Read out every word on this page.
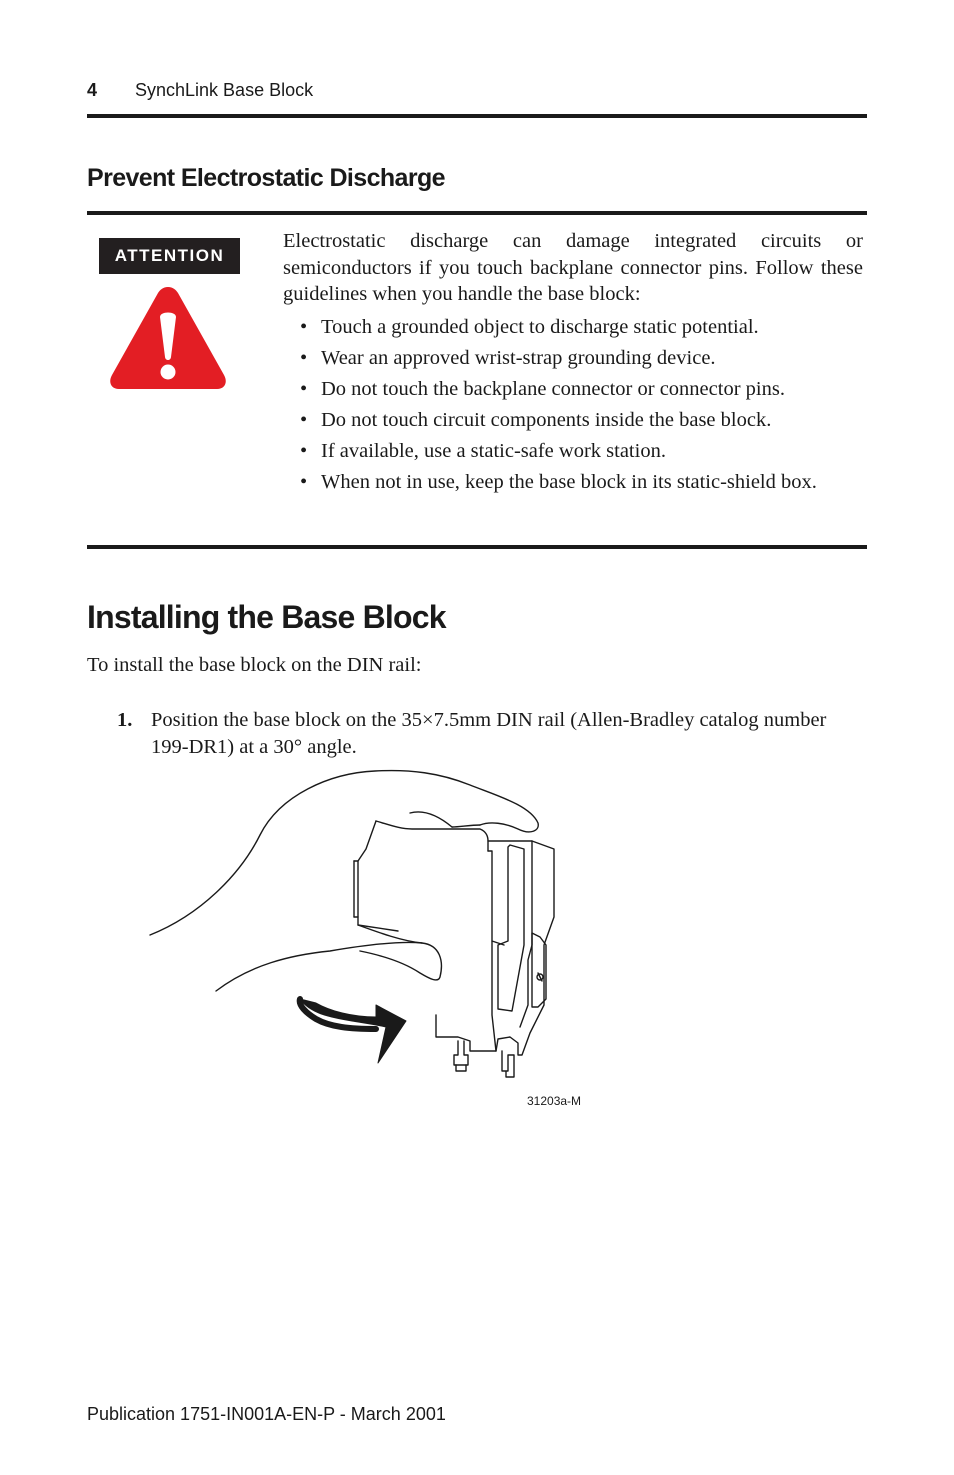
4 SynchLink Base Block
Prevent Electrostatic Discharge
ATTENTION

Electrostatic discharge can damage integrated circuits or semiconductors if you touch backplane connector pins. Follow these guidelines when you handle the base block:

• Touch a grounded object to discharge static potential.
• Wear an approved wrist-strap grounding device.
• Do not touch the backplane connector or connector pins.
• Do not touch circuit components inside the base block.
• If available, use a static-safe work station.
• When not in use, keep the base block in its static-shield box.
Installing the Base Block

To install the base block on the DIN rail:

1. Position the base block on the 35×7.5mm DIN rail (Allen-Bradley catalog number 199-DR1) at a 30° angle.
31203a-M
Publication 1751-IN001A-EN-P - March 2001
